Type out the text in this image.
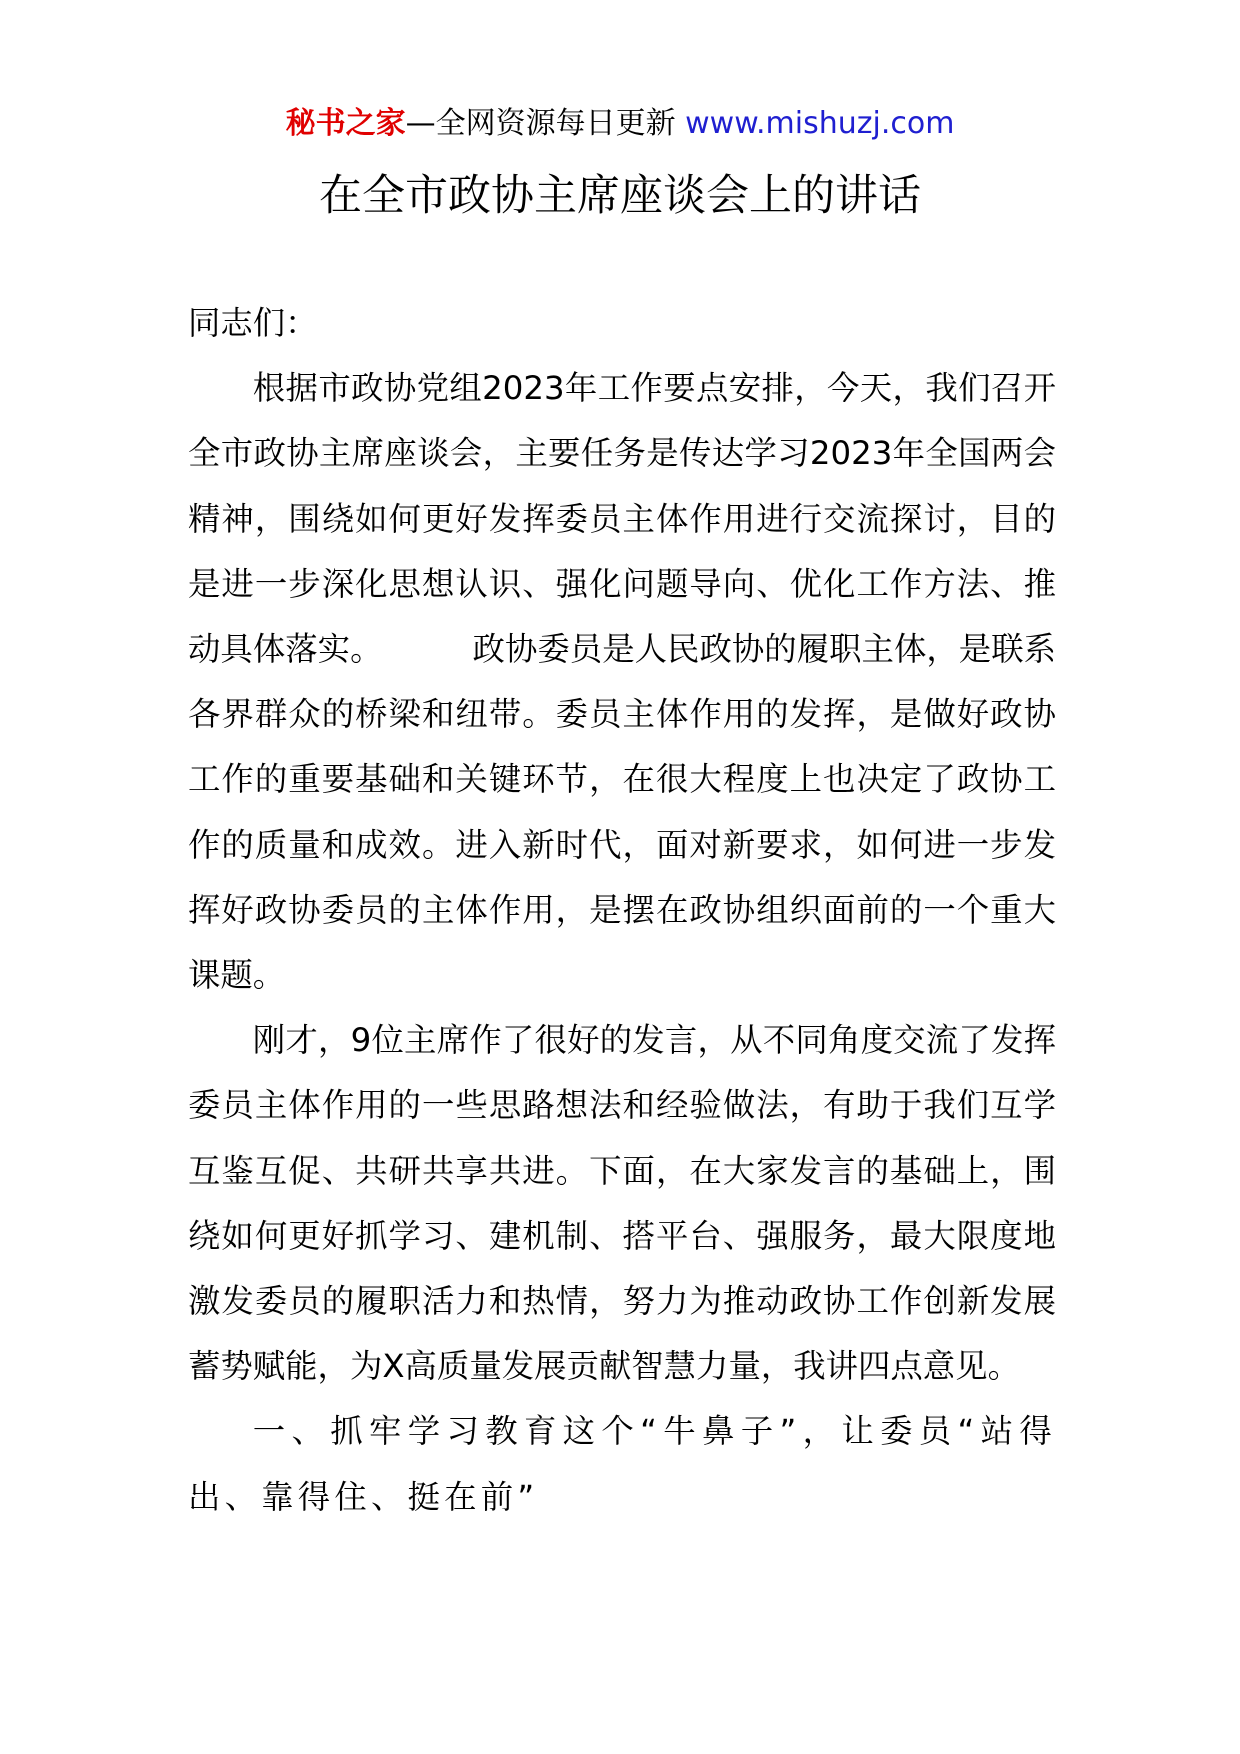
秘书之家—全网资源每日更新 www.mishuzj.com
在全市政协主席座谈会上的讲话

同志们：

根据市政协党组2023年工作要点安排，今天，我们召开全市政协主席座谈会，主要任务是传达学习2023年全国两会精神，围绕如何更好发挥委员主体作用进行交流探讨，目的是进一步深化思想认识、强化问题导向、优化工作方法、推动具体落实。	政协委员是人民政协的履职主体，是联系各界群众的桥梁和纽带。委员主体作用的发挥，是做好政协工作的重要基础和关键环节，在很大程度上也决定了政协工作的质量和成效。进入新时代，面对新要求，如何进一步发挥好政协委员的主体作用，是摆在政协组织面前的一个重大课题。

刚才，9位主席作了很好的发言，从不同角度交流了发挥委员主体作用的一些思路想法和经验做法，有助于我们互学互鉴互促、共研共享共进。下面，在大家发言的基础上，围绕如何更好抓学习、建机制、搭平台、强服务，最大限度地激发委员的履职活力和热情，努力为推动政协工作创新发展蓄势赋能，为X高质量发展贡献智慧力量，我讲四点意见。

一、抓牢学习教育这个“牛鼻子”，让委员“站得出、靠得住、挺在前”
